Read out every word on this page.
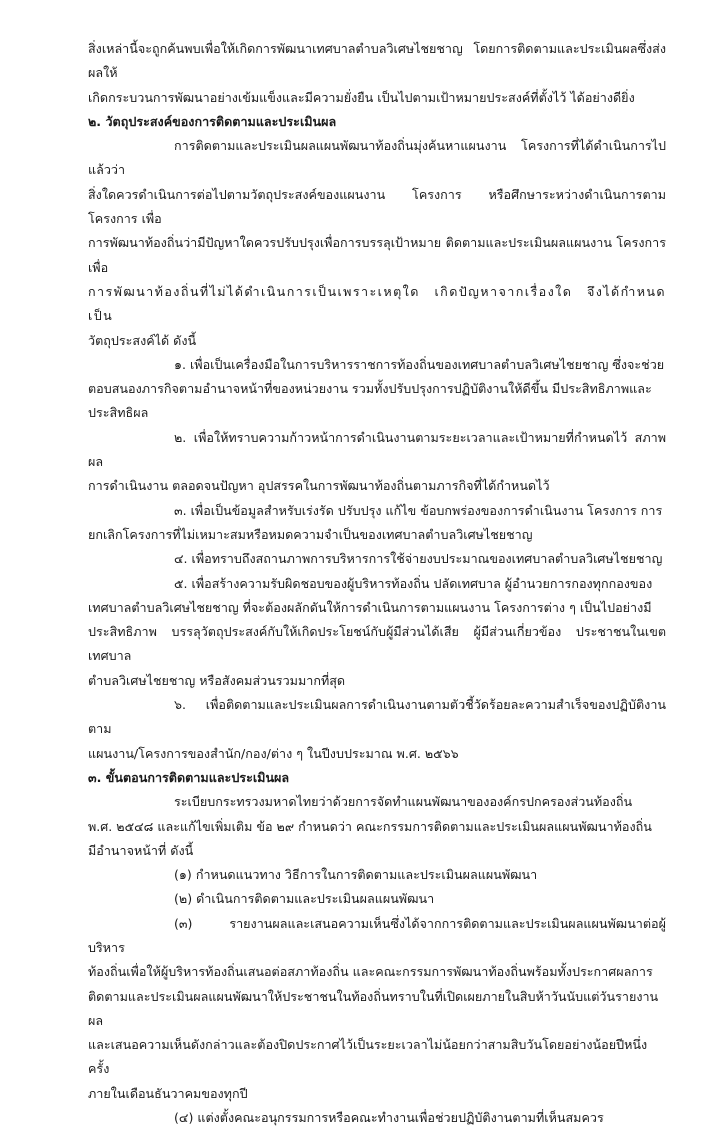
สิ่งเหล่านี้จะถูกค้นพบเพื่อให้เกิดการพัฒนาเทศบาลตำบลวิเศษไชยชาญ โดยการติดตามและประเมินผลซึ่งส่งผลให้
เกิดกระบวนการพัฒนาอย่างเข้มแข็งและมีความยั่งยืน เป็นไปตามเป้าหมายประสงค์ที่ตั้งไว้ ได้อย่างดียิ่ง

๒. วัตถุประสงค์ของการติดตามและประเมินผล

การติดตามและประเมินผลแผนพัฒนาท้องถิ่นมุ่งค้นหาแผนงาน โครงการที่ได้ดำเนินการไปแล้วว่า
สิ่งใดควรดำเนินการต่อไปตามวัตถุประสงค์ของแผนงาน โครงการ หรือศึกษาระหว่างดำเนินการตามโครงการ เพื่อ
การพัฒนาท้องถิ่นว่ามีปัญหาใดควรปรับปรุงเพื่อการบรรลุเป้าหมาย ติดตามและประเมินผลแผนงาน โครงการเพื่อ
การพัฒนาท้องถิ่นที่ไม่ได้ดำเนินการเป็นเพราะเหตุใด เกิดปัญหาจากเรื่องใด จึงได้กำหนดเป็น
วัตถุประสงค์ได้ ดังนี้

๑. เพื่อเป็นเครื่องมือในการบริหารราชการท้องถิ่นของเทศบาลตำบลวิเศษไชยชาญ ซึ่งจะช่วย
ตอบสนองภารกิจตามอำนาจหน้าที่ของหน่วยงาน รวมทั้งปรับปรุงการปฏิบัติงานให้ดีขึ้น มีประสิทธิภาพและ
ประสิทธิผล

๒. เพื่อให้ทราบความก้าวหน้าการดำเนินงานตามระยะเวลาและเป้าหมายที่กำหนดไว้ สภาพผล
การดำเนินงาน ตลอดจนปัญหา อุปสรรคในการพัฒนาท้องถิ่นตามภารกิจที่ได้กำหนดไว้

๓. เพื่อเป็นข้อมูลสำหรับเร่งรัด ปรับปรุง แก้ไข ข้อบกพร่องของการดำเนินงาน โครงการ การ
ยกเลิกโครงการที่ไม่เหมาะสมหรือหมดความจำเป็นของเทศบาลตำบลวิเศษไชยชาญ

๔. เพื่อทราบถึงสถานภาพการบริหารการใช้จ่ายงบประมาณของเทศบาลตำบลวิเศษไชยชาญ

๕. เพื่อสร้างความรับผิดชอบของผู้บริหารท้องถิ่น ปลัดเทศบาล ผู้อำนวยการกองทุกกองของ
เทศบาลตำบลวิเศษไชยชาญ ที่จะต้องผลักดันให้การดำเนินการตามแผนงาน โครงการต่าง ๆ เป็นไปอย่างมี
ประสิทธิภาพ บรรลุวัตถุประสงค์กับให้เกิดประโยชน์กับผู้มีส่วนได้เสีย ผู้มีส่วนเกี่ยวข้อง ประชาชนในเขตเทศบาล
ตำบลวิเศษไชยชาญ หรือสังคมส่วนรวมมากที่สุด

๖. เพื่อติดตามและประเมินผลการดำเนินงานตามตัวชี้วัดร้อยละความสำเร็จของปฏิบัติงานตาม
แผนงาน/โครงการของสำนัก/กอง/ต่าง ๆ ในปีงบประมาณ พ.ศ. ๒๕๖๖

๓. ขั้นตอนการติดตามและประเมินผล

ระเบียบกระทรวงมหาดไทยว่าด้วยการจัดทำแผนพัฒนาขององค์กรปกครองส่วนท้องถิ่น
พ.ศ. ๒๕๔๘ และแก้ไขเพิ่มเติม ข้อ ๒๙ กำหนดว่า คณะกรรมการติดตามและประเมินผลแผนพัฒนาท้องถิ่น
มีอำนาจหน้าที่ ดังนี้

(๑) กำหนดแนวทาง วิธีการในการติดตามและประเมินผลแผนพัฒนา

(๒) ดำเนินการติดตามและประเมินผลแผนพัฒนา

(๓) รายงานผลและเสนอความเห็นซึ่งได้จากการติดตามและประเมินผลแผนพัฒนาต่อผู้บริหาร
ท้องถิ่นเพื่อให้ผู้บริหารท้องถิ่นเสนอต่อสภาท้องถิ่น และคณะกรรมการพัฒนาท้องถิ่นพร้อมทั้งประกาศผลการ
ติดตามและประเมินผลแผนพัฒนาให้ประชาชนในท้องถิ่นทราบในที่เปิดเผยภายในสิบห้าวันนับแต่วันรายงานผล
และเสนอความเห็นดังกล่าวและต้องปิดประกาศไว้เป็นระยะเวลาไม่น้อยกว่าสามสิบวันโดยอย่างน้อยปีหนึ่งครั้ง
ภายในเดือนธันวาคมของทุกปี

(๔) แต่งตั้งคณะอนุกรรมการหรือคณะทำงานเพื่อช่วยปฏิบัติงานตามที่เห็นสมควร
